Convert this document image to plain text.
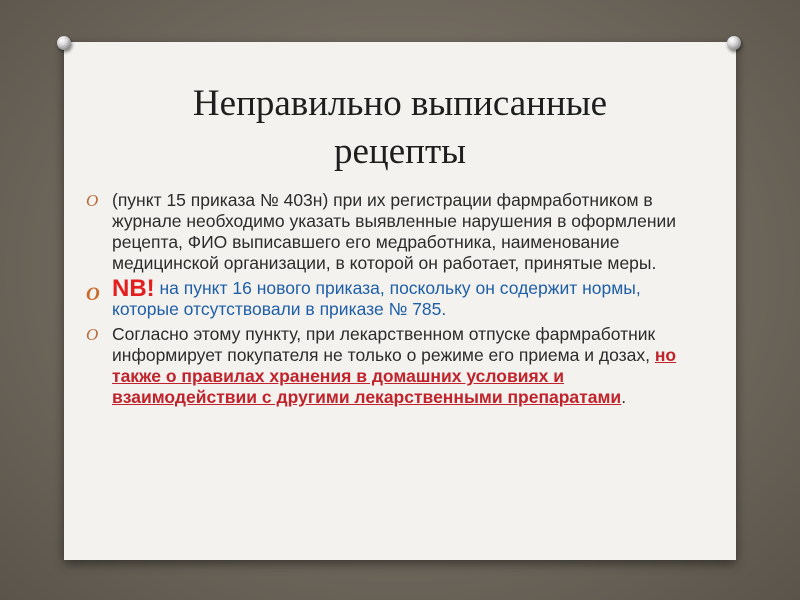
Неправильно выписанные
рецепты
O (пункт 15 приказа № 403н) при их регистрации фармработником в журнале необходимо указать выявленные нарушения в оформлении рецепта, ФИО выписавшего его медработника, наименование медицинской организации, в которой он работает, принятые меры.
O NB! на пункт 16 нового приказа, поскольку он содержит нормы, которые отсутствовали в приказе № 785.
O Согласно этому пункту, при лекарственном отпуске фармработник информирует покупателя не только о режиме его приема и дозах, но также о правилах хранения в домашних условиях и взаимодействии с другими лекарственными препаратами.
